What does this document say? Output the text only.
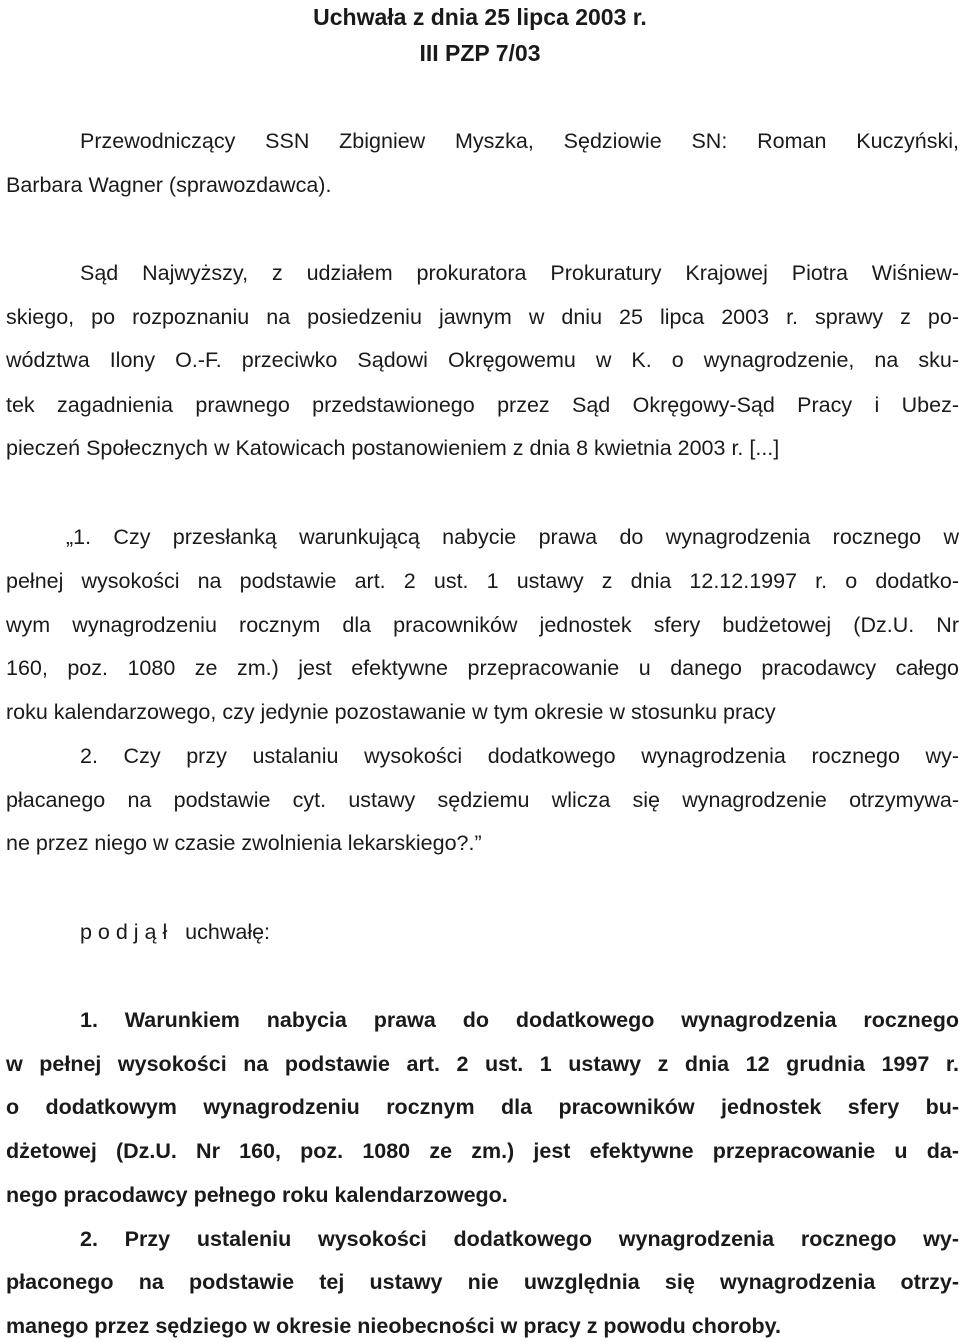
Uchwała z dnia 25 lipca 2003 r.
III PZP 7/03
Przewodniczący SSN Zbigniew Myszka, Sędziowie SN: Roman Kuczyński,
Barbara Wagner (sprawozdawca).
Sąd Najwyższy, z udziałem prokuratora Prokuratury Krajowej Piotra Wiśniew-
skiego, po rozpoznaniu na posiedzeniu jawnym w dniu 25 lipca 2003 r. sprawy z po-
wództwa Ilony O.-F. przeciwko Sądowi Okręgowemu w K. o wynagrodzenie, na sku-
tek zagadnienia prawnego przedstawionego przez Sąd Okręgowy-Sąd Pracy i Ubez-
pieczeń Społecznych w Katowicach postanowieniem z dnia 8 kwietnia 2003 r. [...]
„1. Czy przesłanką warunkującą nabycie prawa do wynagrodzenia rocznego w
pełnej wysokości na podstawie art. 2 ust. 1 ustawy z dnia 12.12.1997 r. o dodatko-
wym wynagrodzeniu rocznym dla pracowników jednostek sfery budżetowej (Dz.U. Nr
160, poz. 1080 ze zm.) jest efektywne przepracowanie u danego pracodawcy całego
roku kalendarzowego, czy jedynie pozostawanie w tym okresie w stosunku pracy
2. Czy przy ustalaniu wysokości dodatkowego wynagrodzenia rocznego wy-
płacanego na podstawie cyt. ustawy sędziemu wlicza się wynagrodzenie otrzymywa-
ne przez niego w czasie zwolnienia lekarskiego?.”
p o d j ą ł   uchwałę:
1. Warunkiem nabycia prawa do dodatkowego wynagrodzenia rocznego
w pełnej wysokości na podstawie art. 2 ust. 1 ustawy z dnia 12 grudnia 1997 r.
o dodatkowym wynagrodzeniu rocznym dla pracowników jednostek sfery bu-
dżetowej (Dz.U. Nr 160, poz. 1080 ze zm.) jest efektywne przepracowanie u da-
nego pracodawcy pełnego roku kalendarzowego.
2. Przy ustaleniu wysokości dodatkowego wynagrodzenia rocznego wy-
płaconego na podstawie tej ustawy nie uwzględnia się wynagrodzenia otrzy-
manego przez sędziego w okresie nieobecności w pracy z powodu choroby.
